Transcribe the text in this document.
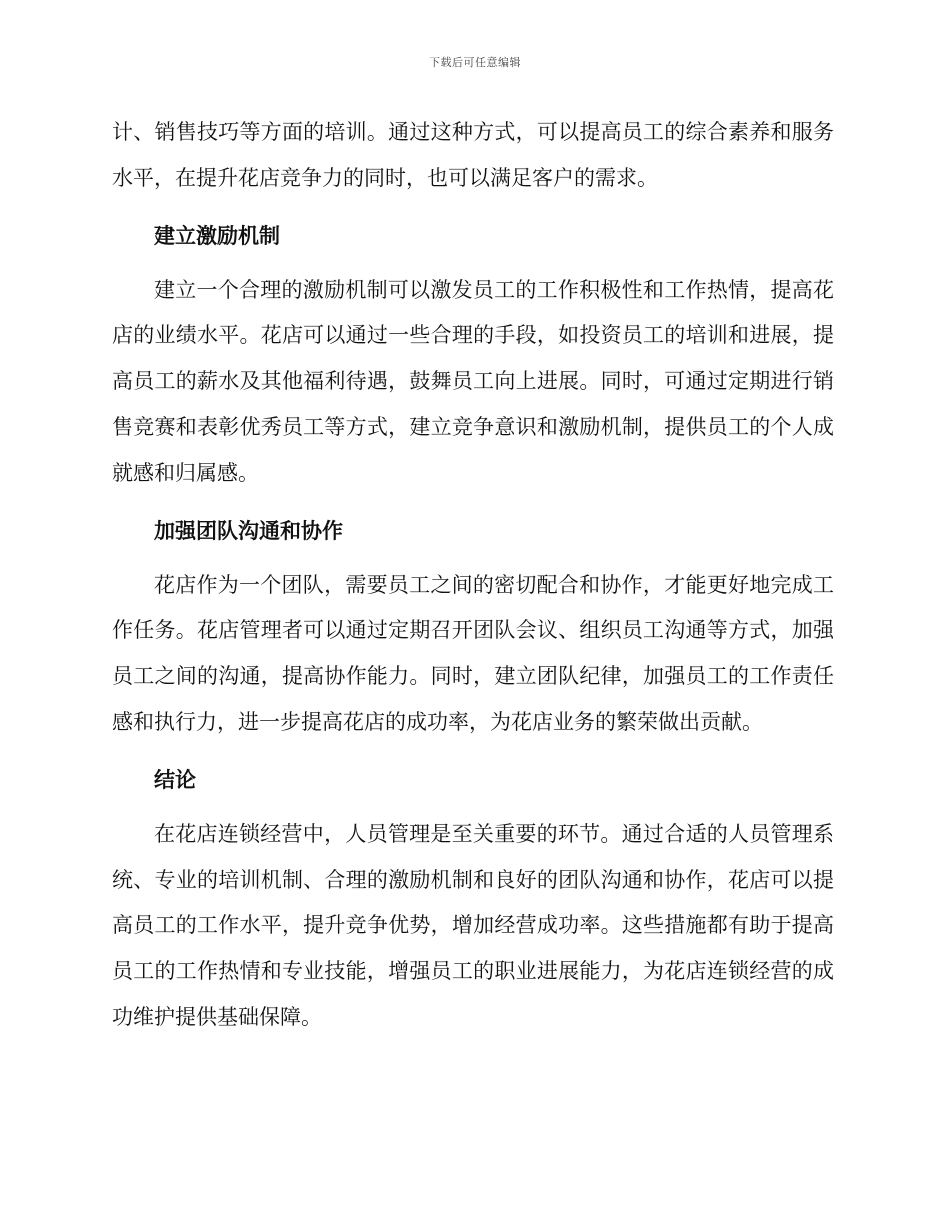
下载后可任意编辑

计、销售技巧等方面的培训。通过这种方式，可以提高员工的综合素养和服务水平，在提升花店竞争力的同时，也可以满足客户的需求。

建立激励机制

建立一个合理的激励机制可以激发员工的工作积极性和工作热情，提高花店的业绩水平。花店可以通过一些合理的手段，如投资员工的培训和进展，提高员工的薪水及其他福利待遇，鼓舞员工向上进展。同时，可通过定期进行销售竞赛和表彰优秀员工等方式，建立竞争意识和激励机制，提供员工的个人成就感和归属感。

加强团队沟通和协作

花店作为一个团队，需要员工之间的密切配合和协作，才能更好地完成工作任务。花店管理者可以通过定期召开团队会议、组织员工沟通等方式，加强员工之间的沟通，提高协作能力。同时，建立团队纪律，加强员工的工作责任感和执行力，进一步提高花店的成功率，为花店业务的繁荣做出贡献。

结论

在花店连锁经营中，人员管理是至关重要的环节。通过合适的人员管理系统、专业的培训机制、合理的激励机制和良好的团队沟通和协作，花店可以提高员工的工作水平，提升竞争优势，增加经营成功率。这些措施都有助于提高员工的工作热情和专业技能，增强员工的职业进展能力，为花店连锁经营的成功维护提供基础保障。
